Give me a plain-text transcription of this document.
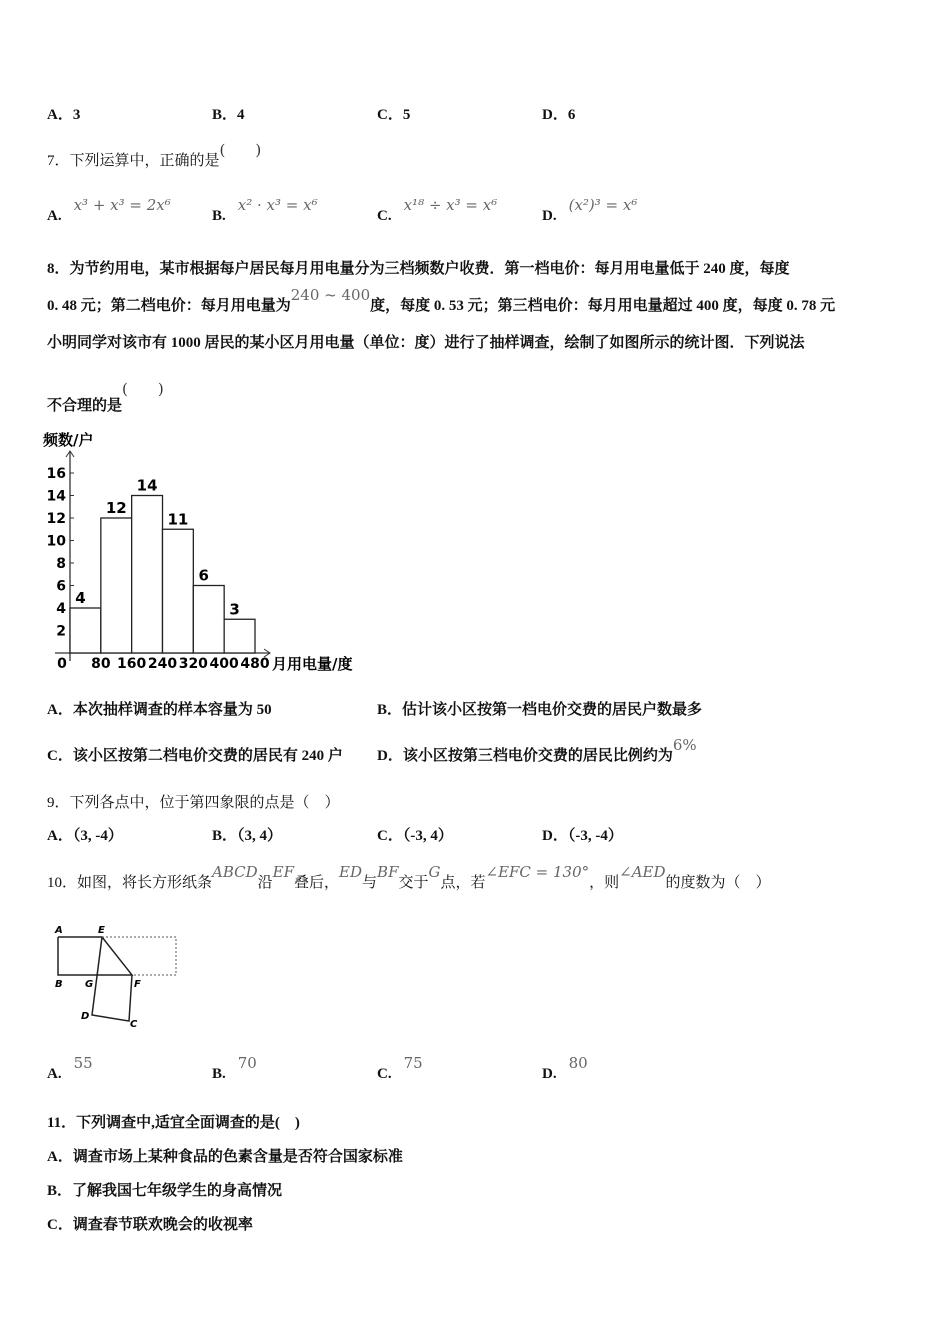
A．3	B．4	C．5	D．6
7．下列运算中，正确的是(　　)
A.x³ + x³ = 2x⁶
B.x² · x³ = x⁶
C.x¹⁸ ÷ x³ = x⁶
D.(x²)³ = x⁶
8．为节约用电，某市根据每户居民每月用电量分为三档频数户收费．第一档电价：每月用电量低于 240 度，每度
0. 48 元；第二档电价：每月用电量为240 ~ 400度，每度 0. 53 元；第三档电价：每月用电量超过 400 度，每度 0. 78 元
小明同学对该市有 1000 居民的某小区月用电量（单位：度）进行了抽样调查，绘制了如图所示的统计图．下列说法
不合理的是(　　)
频数/户
月用电量/度
2
4
6
8
10
12
14
16
0 80 160 240 320 400 480
4
12
14
11
6
3
A．本次抽样调查的样本容量为 50	B．估计该小区按第一档电价交费的居民户数最多
C．该小区按第二档电价交费的居民有 240 户 D．该小区按第三档电价交费的居民比例约为6%
9．下列各点中，位于第四象限的点是（　）
A．（3, -4）	B．（3, 4）	C．（-3, 4）	D．（-3, -4）
10．如图，将长方形纸条ABCD沿EF叠后，ED与BF交于G点，若∠EFC = 130°，则∠AED的度数为（　）
A	E
B G	F
D
C
A.55
B.70
C.75
D.80
11．下列调查中,适宜全面调查的是(　)
A．调查市场上某种食品的色素含量是否符合国家标准
B．了解我国七年级学生的身高情况
C．调查春节联欢晚会的收视率
